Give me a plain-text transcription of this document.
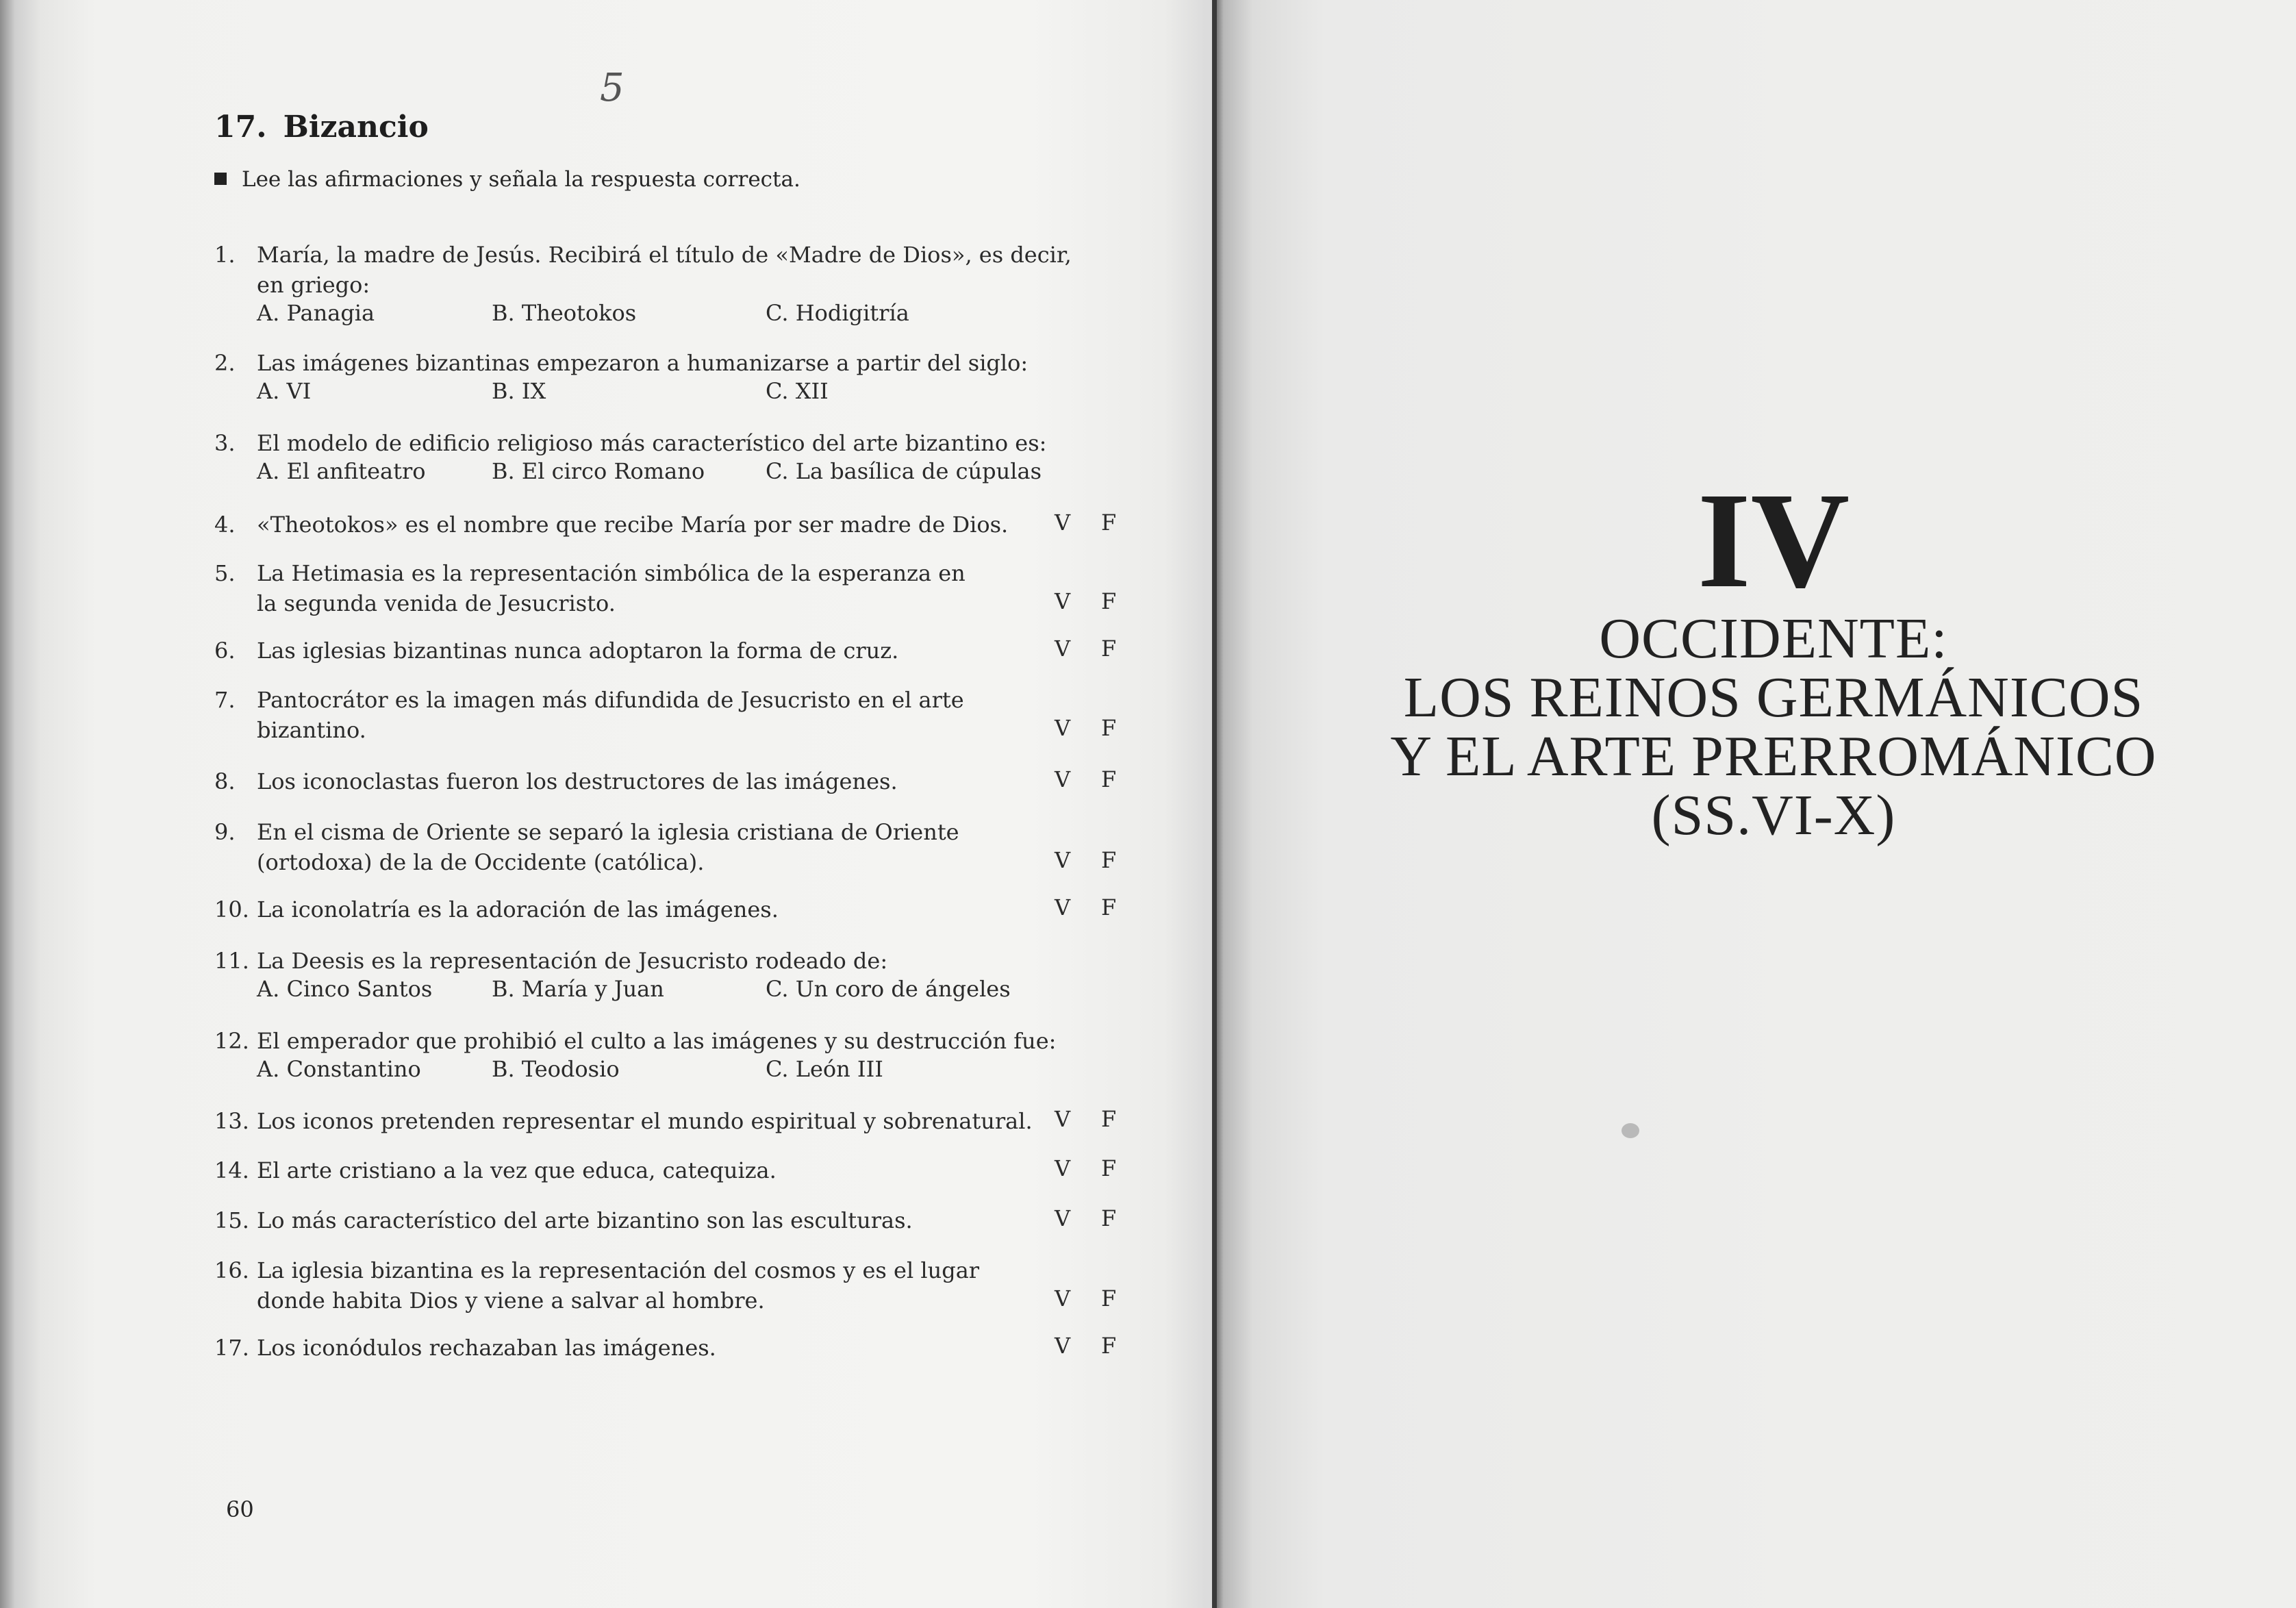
5
17. Bizancio
Lee las afirmaciones y señala la respuesta correcta.
1. María, la madre de Jesús. Recibirá el título de «Madre de Dios», es decir,
en griego:
A. Panagia	B. Theotokos	C. Hodigitría
2. Las imágenes bizantinas empezaron a humanizarse a partir del siglo:
A. VI	B. IX	C. XII
3. El modelo de edificio religioso más característico del arte bizantino es:
A. El anfiteatro	B. El circo Romano	C. La basílica de cúpulas
4. «Theotokos» es el nombre que recibe María por ser madre de Dios. V F
5. La Hetimasia es la representación simbólica de la esperanza en
la segunda venida de Jesucristo.	V F
6. Las iglesias bizantinas nunca adoptaron la forma de cruz.	V F
7. Pantocrátor es la imagen más difundida de Jesucristo en el arte
bizantino.	V F
8. Los iconoclastas fueron los destructores de las imágenes.	V F
9. En el cisma de Oriente se separó la iglesia cristiana de Oriente
(ortodoxa) de la de Occidente (católica).	V F
10. La iconolatría es la adoración de las imágenes.	V F
11. La Deesis es la representación de Jesucristo rodeado de:
A. Cinco Santos	B. María y Juan	C. Un coro de ángeles
12. El emperador que prohibió el culto a las imágenes y su destrucción fue:
A. Constantino	B. Teodosio	C. León III
13. Los iconos pretenden representar el mundo espiritual y sobrenatural. V F
14. El arte cristiano a la vez que educa, catequiza.	V F
15. Lo más característico del arte bizantino son las esculturas.	V F
16. La iglesia bizantina es la representación del cosmos y es el lugar
donde habita Dios y viene a salvar al hombre.	V F
17. Los iconódulos rechazaban las imágenes.	V F
60
IV
OCCIDENTE:
LOS REINOS GERMÁNICOS
Y EL ARTE PRERROMÁNICO
(SS.VI-X)
